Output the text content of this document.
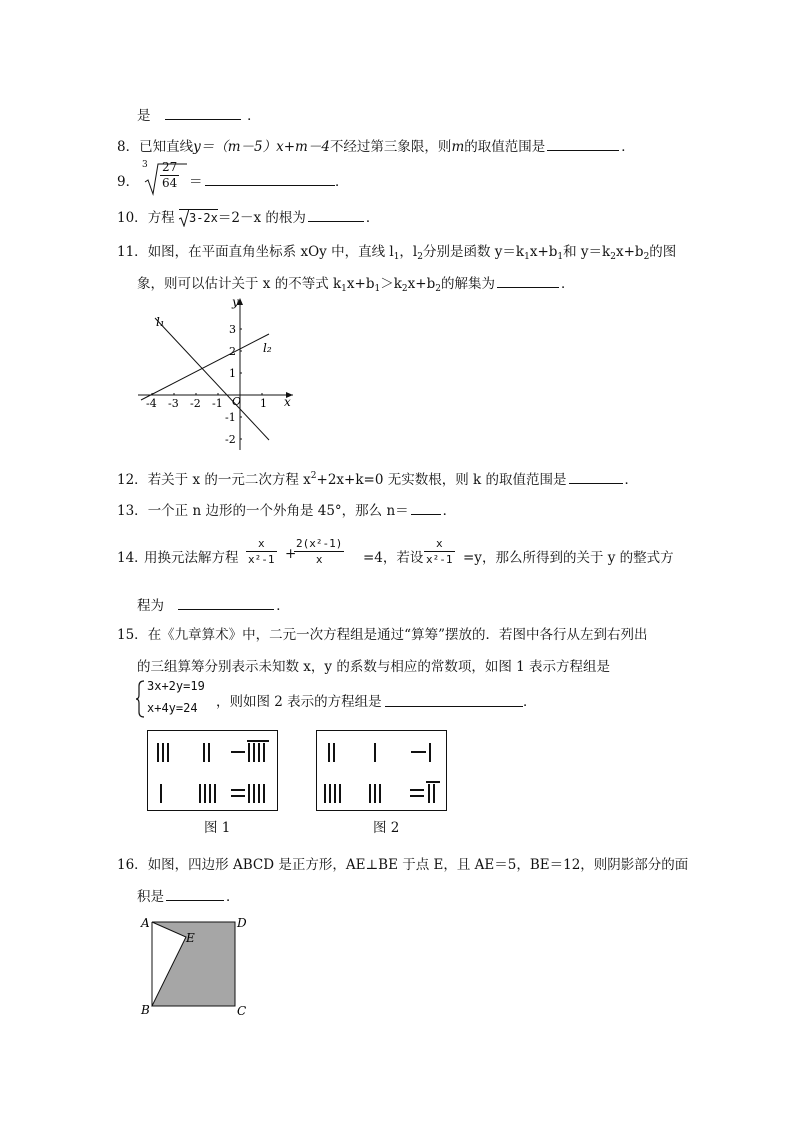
是	．
8．已知直线y＝（m－5）x+m－4不经过第三象限，则m的取值范围是	．
9．
$3 \frac{27}{64}$ ＝	．
10．方程 3-2x＝2－x 的根为	．
11．如图，在平面直角坐标系 xOy 中，直线 $l_1$，$l_2$分别是函数 $y=k_1x+b_1$和 $y=k_2x+b_2$的图
象，则可以估计关于 x 的不等式 $k_1x+b_1>k_2x+b_2$的解集为	．
-4 -3 -2 -1 O 1 x
3
2
1
-1
-2
y
l₁
l₂
12．若关于 x 的一元二次方程 $x^2+2x+k=0$ 无实数根，则 k 的取值范围是	．
13．一个正 n 边形的一个外角是 45°，那么 n＝	．
14．
用换元法解方程 $\frac{x}{\text{x²-1}}$ +
$\frac{\text{2(x²-1)}}{x} =4$，若设 $\frac{x}{\text{x²-1}} =y$，那么所得到的关于 y 的整式方
程为	．
15．在《九章算术》中，二元一次方程组是通过“算筹”摆放的．若图中各行从左到右列出
的三组算筹分别表示未知数 x，y 的系数与相应的常数项，如图 1 表示方程组是
3x+2y=19
x+4y=24 ，则如图 2 表示的方程组是	．
图 1	图 2
16．如图，四边形 ABCD 是正方形，AE⊥BE 于点 E，且 AE＝5，BE＝12，则阴影部分的面
积是	．
A	D
B	C
E
